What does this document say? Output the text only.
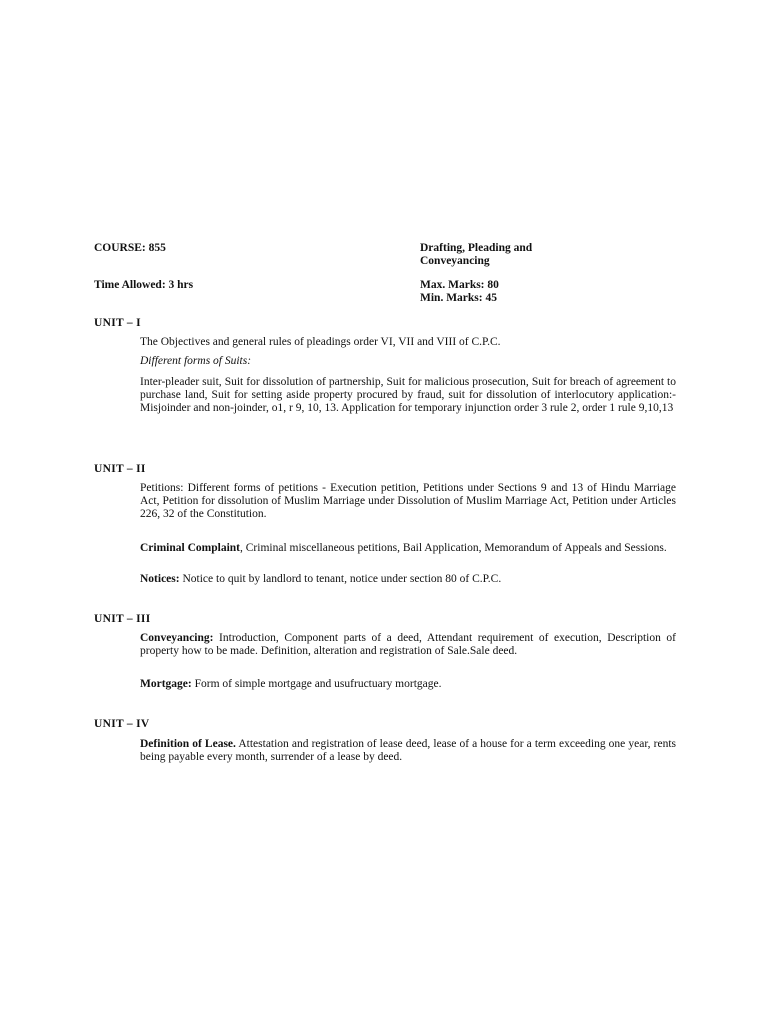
COURSE: 855	Drafting, Pleading and
Conveyancing
Time Allowed: 3 hrs	Max. Marks: 80
Min. Marks: 45
UNIT – I

The Objectives and general rules of pleadings order VI, VII and VIII of C.P.C.

Different forms of Suits:

Inter-pleader suit, Suit for dissolution of partnership, Suit for malicious prosecution, Suit for breach of agreement to purchase land, Suit for setting aside property procured by fraud, suit for dissolution of interlocutory application:- Misjoinder and non-joinder, o1, r 9, 10, 13. Application for temporary injunction order 3 rule 2, order 1 rule 9,10,13

UNIT – II

Petitions: Different forms of petitions - Execution petition, Petitions under Sections 9 and 13 of Hindu Marriage Act, Petition for dissolution of Muslim Marriage under Dissolution of Muslim Marriage Act, Petition under Articles 226, 32 of the Constitution.

Criminal Complaint, Criminal miscellaneous petitions, Bail Application, Memorandum of Appeals and Sessions.

Notices: Notice to quit by landlord to tenant, notice under section 80 of C.P.C.

UNIT – III

Conveyancing: Introduction, Component parts of a deed, Attendant requirement of execution, Description of property how to be made. Definition, alteration and registration of Sale.Sale deed.

Mortgage: Form of simple mortgage and usufructuary mortgage.

UNIT – IV

Definition of Lease. Attestation and registration of lease deed, lease of a house for a term exceeding one year, rents being payable every month, surrender of a lease by deed.
